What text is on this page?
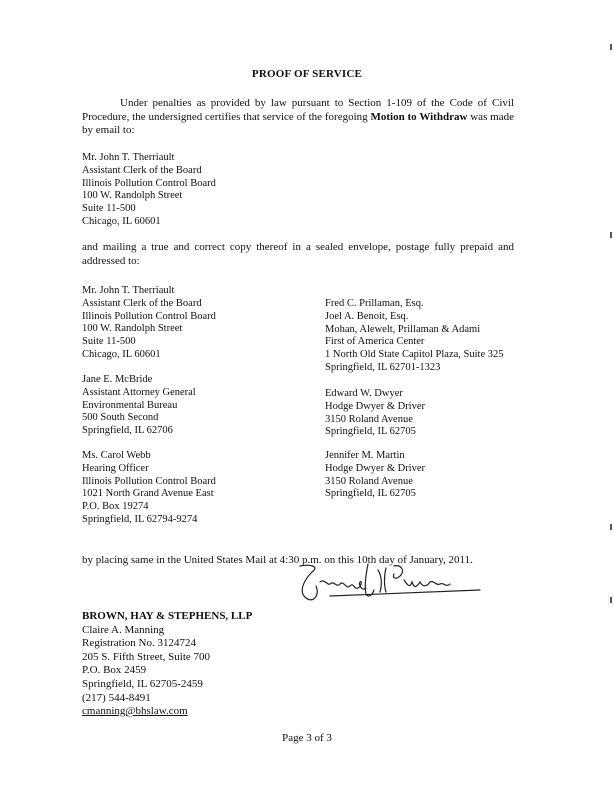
PROOF OF SERVICE
Under penalties as provided by law pursuant to Section 1-109 of the Code of Civil Procedure, the undersigned certifies that service of the foregoing Motion to Withdraw was made by email to:
Mr. John T. Therriault
Assistant Clerk of the Board
Illinois Pollution Control Board
100 W. Randolph Street
Suite 11-500
Chicago, IL 60601
and mailing a true and correct copy thereof in a sealed envelope, postage fully prepaid and addressed to:
Mr. John T. Therriault
Assistant Clerk of the Board
Illinois Pollution Control Board
100 W. Randolph Street
Suite 11-500
Chicago, IL 60601
Jane E. McBride
Assistant Attorney General
Environmental Bureau
500 South Second
Springfield, IL 62706
Ms. Carol Webb
Hearing Officer
Illinois Pollution Control Board
1021 North Grand Avenue East
P.O. Box 19274
Springfield, IL 62794-9274
Fred C. Prillaman, Esq.
Joel A. Benoit, Esq.
Mohan, Alewelt, Prillaman & Adami
First of America Center
1 North Old State Capitol Plaza, Suite 325
Springfield, IL 62701-1323
Edward W. Dwyer
Hodge Dwyer & Driver
3150 Roland Avenue
Springfield, IL 62705
Jennifer M. Martin
Hodge Dwyer & Driver
3150 Roland Avenue
Springfield, IL 62705
by placing same in the United States Mail at 4:30 p.m. on this 10th day of January, 2011.
BROWN, HAY & STEPHENS, LLP
Claire A. Manning
Registration No. 3124724
205 S. Fifth Street, Suite 700
P.O. Box 2459
Springfield, IL 62705-2459
(217) 544-8491
cmanning@bhslaw.com
Page 3 of 3
